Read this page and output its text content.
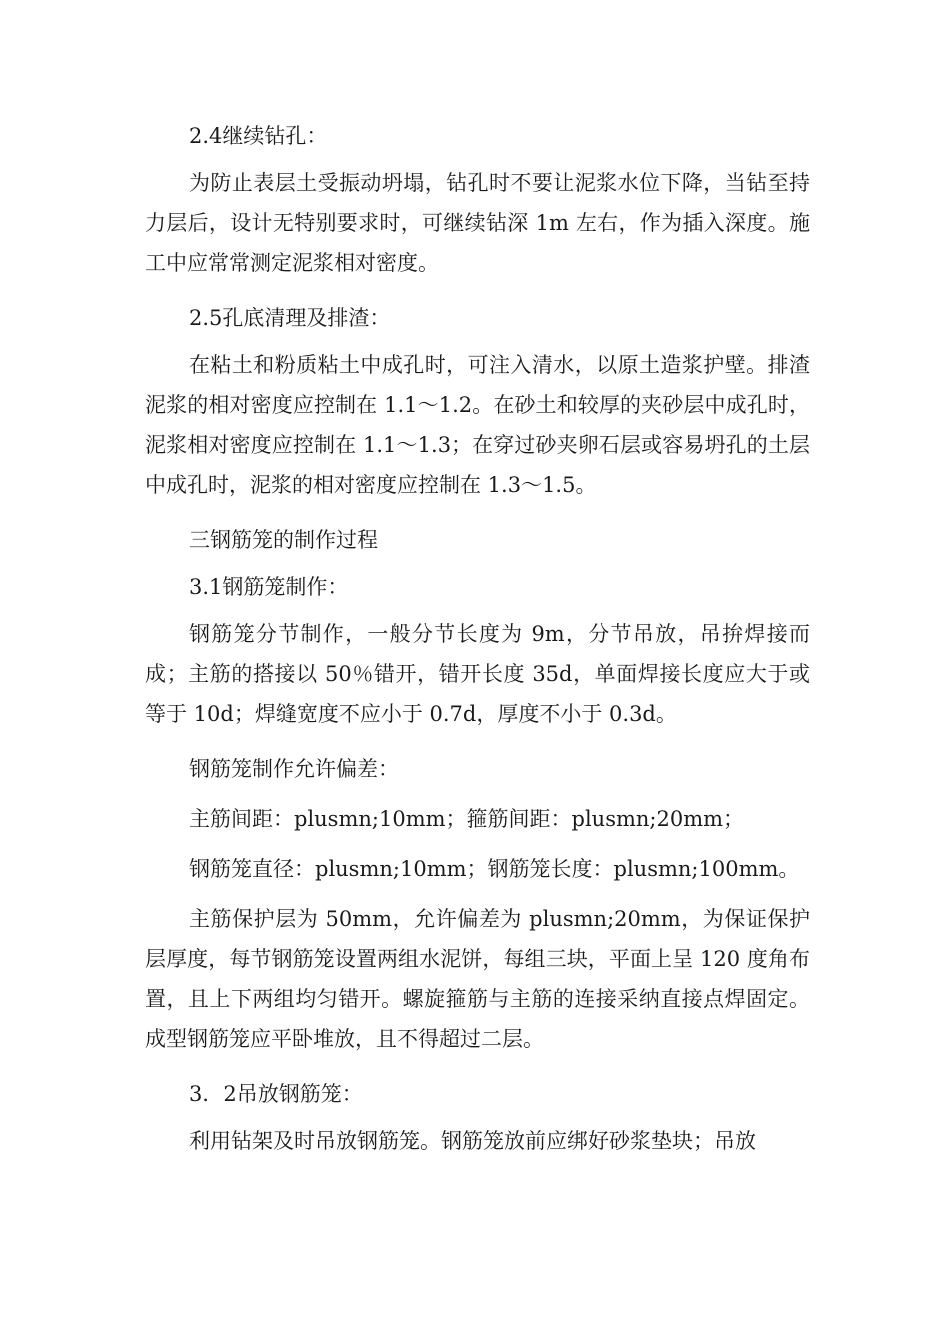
2.4继续钻孔：

为防止表层土受振动坍塌，钻孔时不要让泥浆水位下降，当钻至持力层后，设计无特别要求时，可继续钻深 1m 左右，作为插入深度。施工中应常常测定泥浆相对密度。

2.5孔底清理及排渣：

在粘土和粉质粘土中成孔时，可注入清水，以原土造浆护壁。排渣泥浆的相对密度应控制在 1.1～1.2。在砂土和较厚的夹砂层中成孔时，泥浆相对密度应控制在 1.1～1.3；在穿过砂夹卵石层或容易坍孔的土层中成孔时，泥浆的相对密度应控制在 1.3～1.5。

三钢筋笼的制作过程

3.1钢筋笼制作：

钢筋笼分节制作，一般分节长度为 9m，分节吊放，吊拚焊接而成；主筋的搭接以 50％错开，错开长度 35d，单面焊接长度应大于或等于 10d；焊缝宽度不应小于 0.7d，厚度不小于 0.3d。

钢筋笼制作允许偏差：

主筋间距：plusmn;10mm；箍筋间距：plusmn;20mm；

钢筋笼直径：plusmn;10mm；钢筋笼长度：plusmn;100mm。

主筋保护层为 50mm，允许偏差为 plusmn;20mm，为保证保护层厚度，每节钢筋笼设置两组水泥饼，每组三块，平面上呈 120 度角布置，且上下两组均匀错开。螺旋箍筋与主筋的连接采纳直接点焊固定。成型钢筋笼应平卧堆放，且不得超过二层。

3．2吊放钢筋笼：

利用钻架及时吊放钢筋笼。钢筋笼放前应绑好砂浆垫块；吊放
